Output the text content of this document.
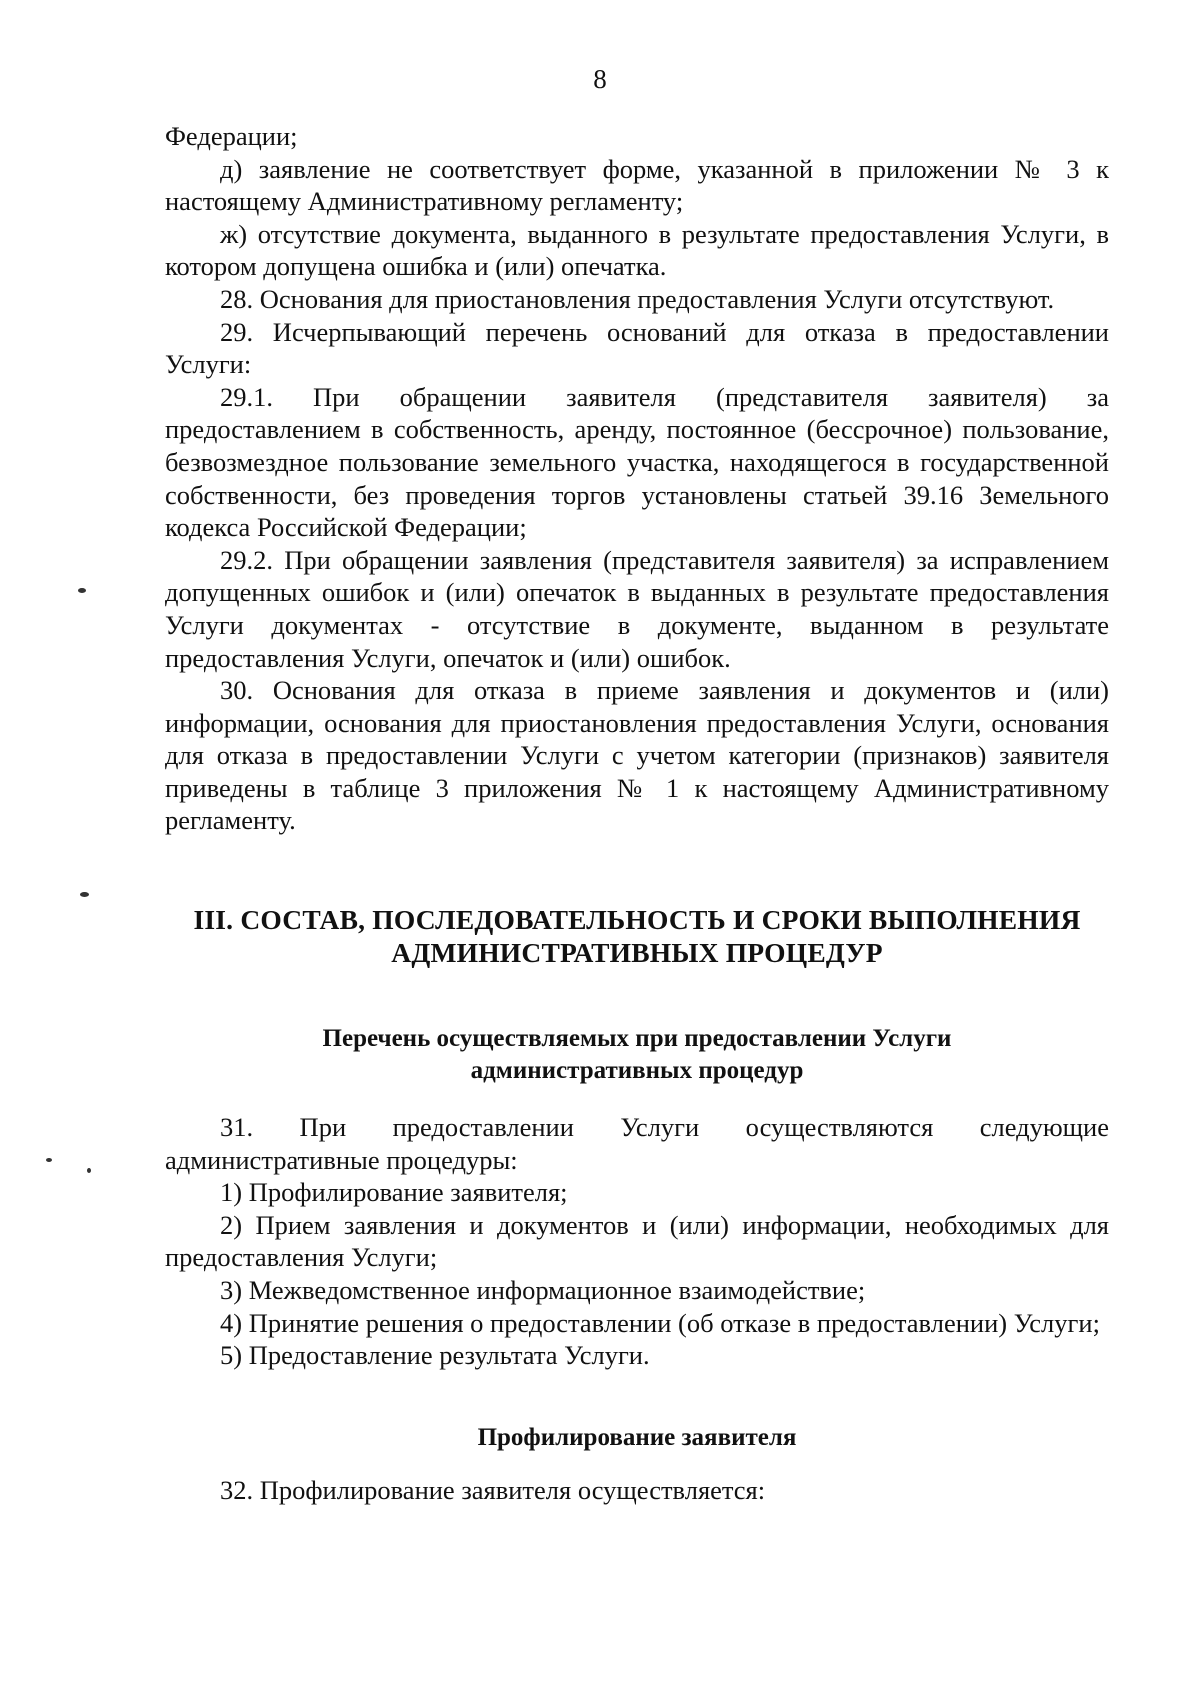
8

Федерации;

д) заявление не соответствует форме, указанной в приложении № 3 к настоящему Административному регламенту;

ж) отсутствие документа, выданного в результате предоставления Услуги, в котором допущена ошибка и (или) опечатка.

28. Основания для приостановления предоставления Услуги отсутствуют.

29. Исчерпывающий перечень оснований для отказа в предоставлении Услуги:

29.1. При обращении заявителя (представителя заявителя) за предоставлением в собственность, аренду, постоянное (бессрочное) пользование, безвозмездное пользование земельного участка, находящегося в государственной собственности, без проведения торгов установлены статьей 39.16 Земельного кодекса Российской Федерации;

29.2. При обращении заявления (представителя заявителя) за исправлением допущенных ошибок и (или) опечаток в выданных в результате предоставления Услуги документах - отсутствие в документе, выданном в результате предоставления Услуги, опечаток и (или) ошибок.

30. Основания для отказа в приеме заявления и документов и (или) информации, основания для приостановления предоставления Услуги, основания для отказа в предоставлении Услуги с учетом категории (признаков) заявителя приведены в таблице 3 приложения № 1 к настоящему Административному регламенту.

III. СОСТАВ, ПОСЛЕДОВАТЕЛЬНОСТЬ И СРОКИ ВЫПОЛНЕНИЯ

АДМИНИСТРАТИВНЫХ ПРОЦЕДУР

Перечень осуществляемых при предоставлении Услуги

административных процедур

31. При предоставлении Услуги осуществляются следующие административные процедуры:

1) Профилирование заявителя;

2) Прием заявления и документов и (или) информации, необходимых для предоставления Услуги;

3) Межведомственное информационное взаимодействие;

4) Принятие решения о предоставлении (об отказе в предоставлении) Услуги;

5) Предоставление результата Услуги.

Профилирование заявителя

32. Профилирование заявителя осуществляется:
